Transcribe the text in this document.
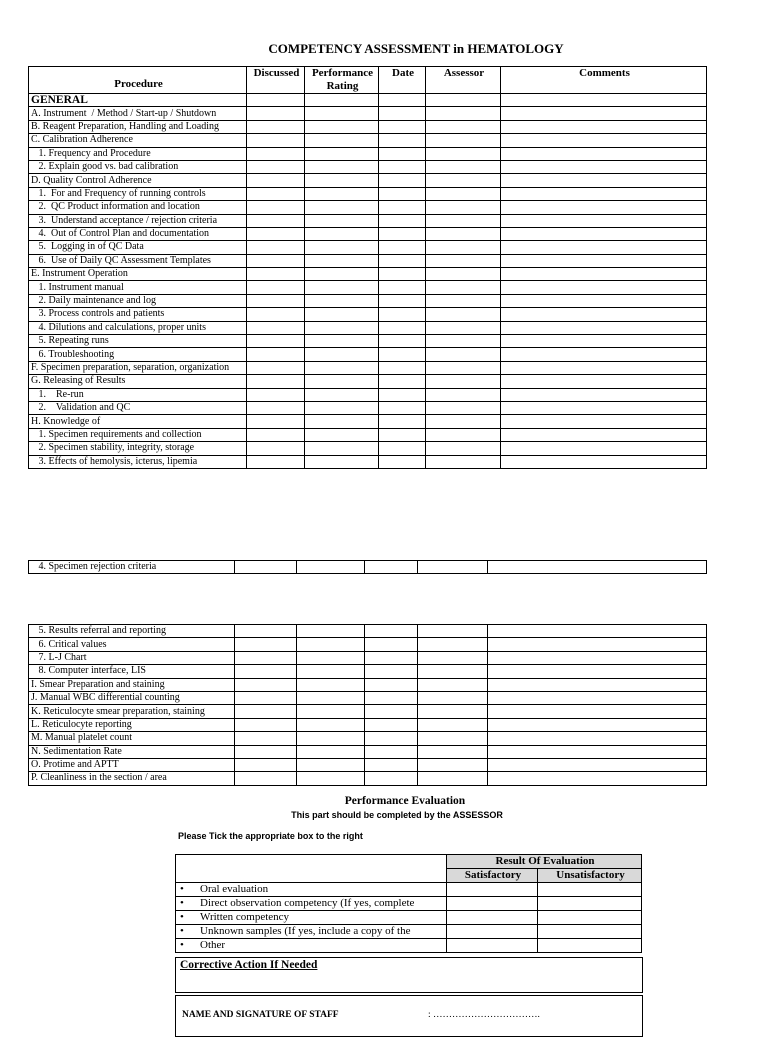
COMPETENCY ASSESSMENT in HEMATOLOGY
Procedure	Discussed	Performance Rating	Date	Assessor	Comments
GENERAL					
A. Instrument  / Method / Start-up / Shutdown					
B. Reagent Preparation, Handling and Loading					
C. Calibration Adherence					
1. Frequency and Procedure					
2. Explain good vs. bad calibration					
D. Quality Control Adherence					
1.  For and Frequency of running controls					
2.  QC Product information and location					
3.  Understand acceptance / rejection criteria					
4.  Out of Control Plan and documentation					
5.  Logging in of QC Data					
6.  Use of Daily QC Assessment Templates					
E. Instrument Operation					
1. Instrument manual					
2. Daily maintenance and log					
3. Process controls and patients					
4. Dilutions and calculations, proper units					
5. Repeating runs					
6. Troubleshooting					
F. Specimen preparation, separation, organization					
G. Releasing of Results					
1.    Re-run					
2.    Validation and QC					
H. Knowledge of					
1. Specimen requirements and collection					
2. Specimen stability, integrity, storage					
3. Effects of hemolysis, icterus, lipemia					
4. Specimen rejection criteria					
5. Results referral and reporting					
6. Critical values					
7. L-J Chart					
8. Computer interface, LIS					
I. Smear Preparation and staining					
J. Manual WBC differential counting					
K. Reticulocyte smear preparation, staining					
L. Reticulocyte reporting					
M. Manual platelet count					
N. Sedimentation Rate					
O. Protime and APTT					
P. Cleanliness in the section / area					
Performance Evaluation
This part should be completed by the ASSESSOR
Please Tick the appropriate box to the right
	Result Of Evaluation	
	Satisfactory	Unsatisfactory
• Oral evaluation		
• Direct observation competency (If yes, complete		
• Written competency		
• Unknown samples (If yes, include a copy of the		
• Other		
Corrective Action If Needed
NAME AND SIGNATURE OF STAFF	: …………………………….
